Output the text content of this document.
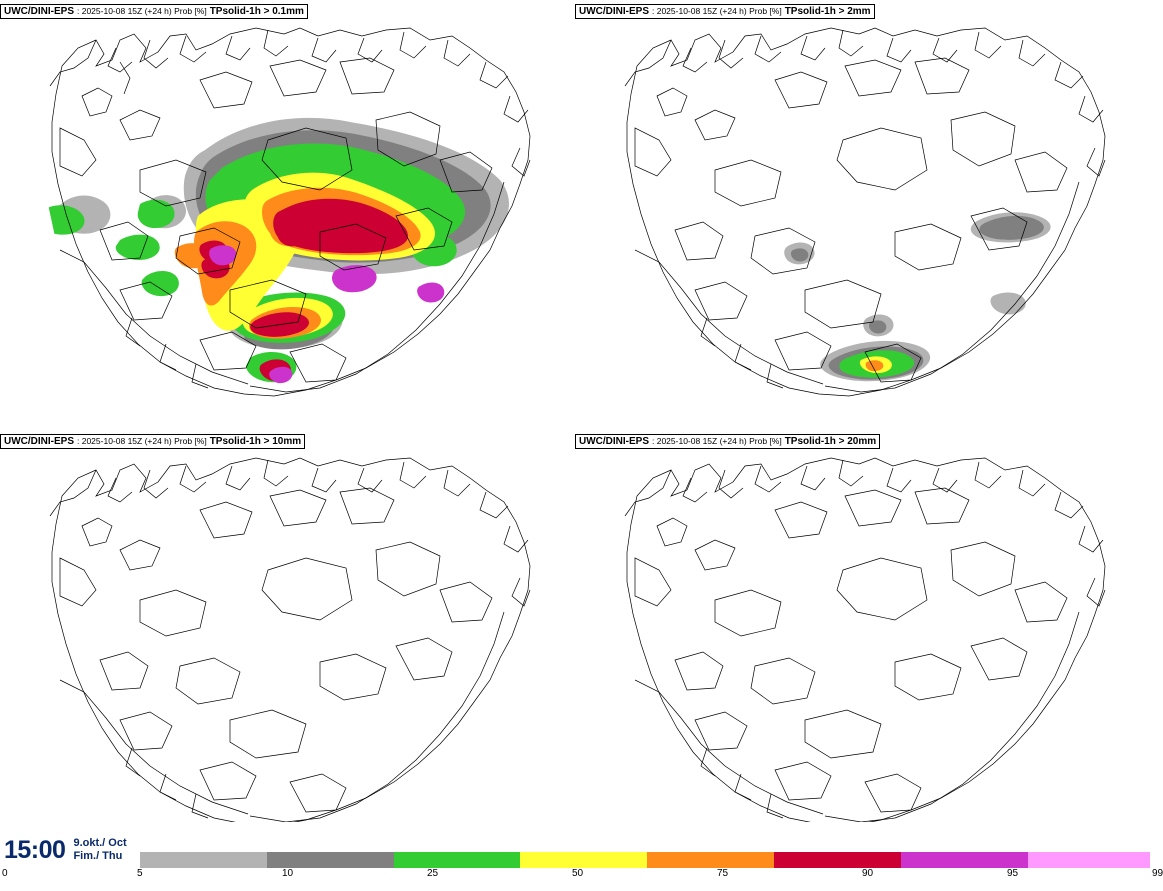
UWC/DINI-EPS : 2025-10-08 15Z (+24 h) Prob [%] TPsolid-1h > 0.1mm	UWC/DINI-EPS : 2025-10-08 15Z (+24 h) Prob [%] TPsolid-1h > 2mm
UWC/DINI-EPS : 2025-10-08 15Z (+24 h) Prob [%] TPsolid-1h > 10mm	UWC/DINI-EPS : 2025-10-08 15Z (+24 h) Prob [%] TPsolid-1h > 20mm
15:00 9.okt./ Oct
Fim./ Thu
0	5	10	25	50	75	90	95	99
